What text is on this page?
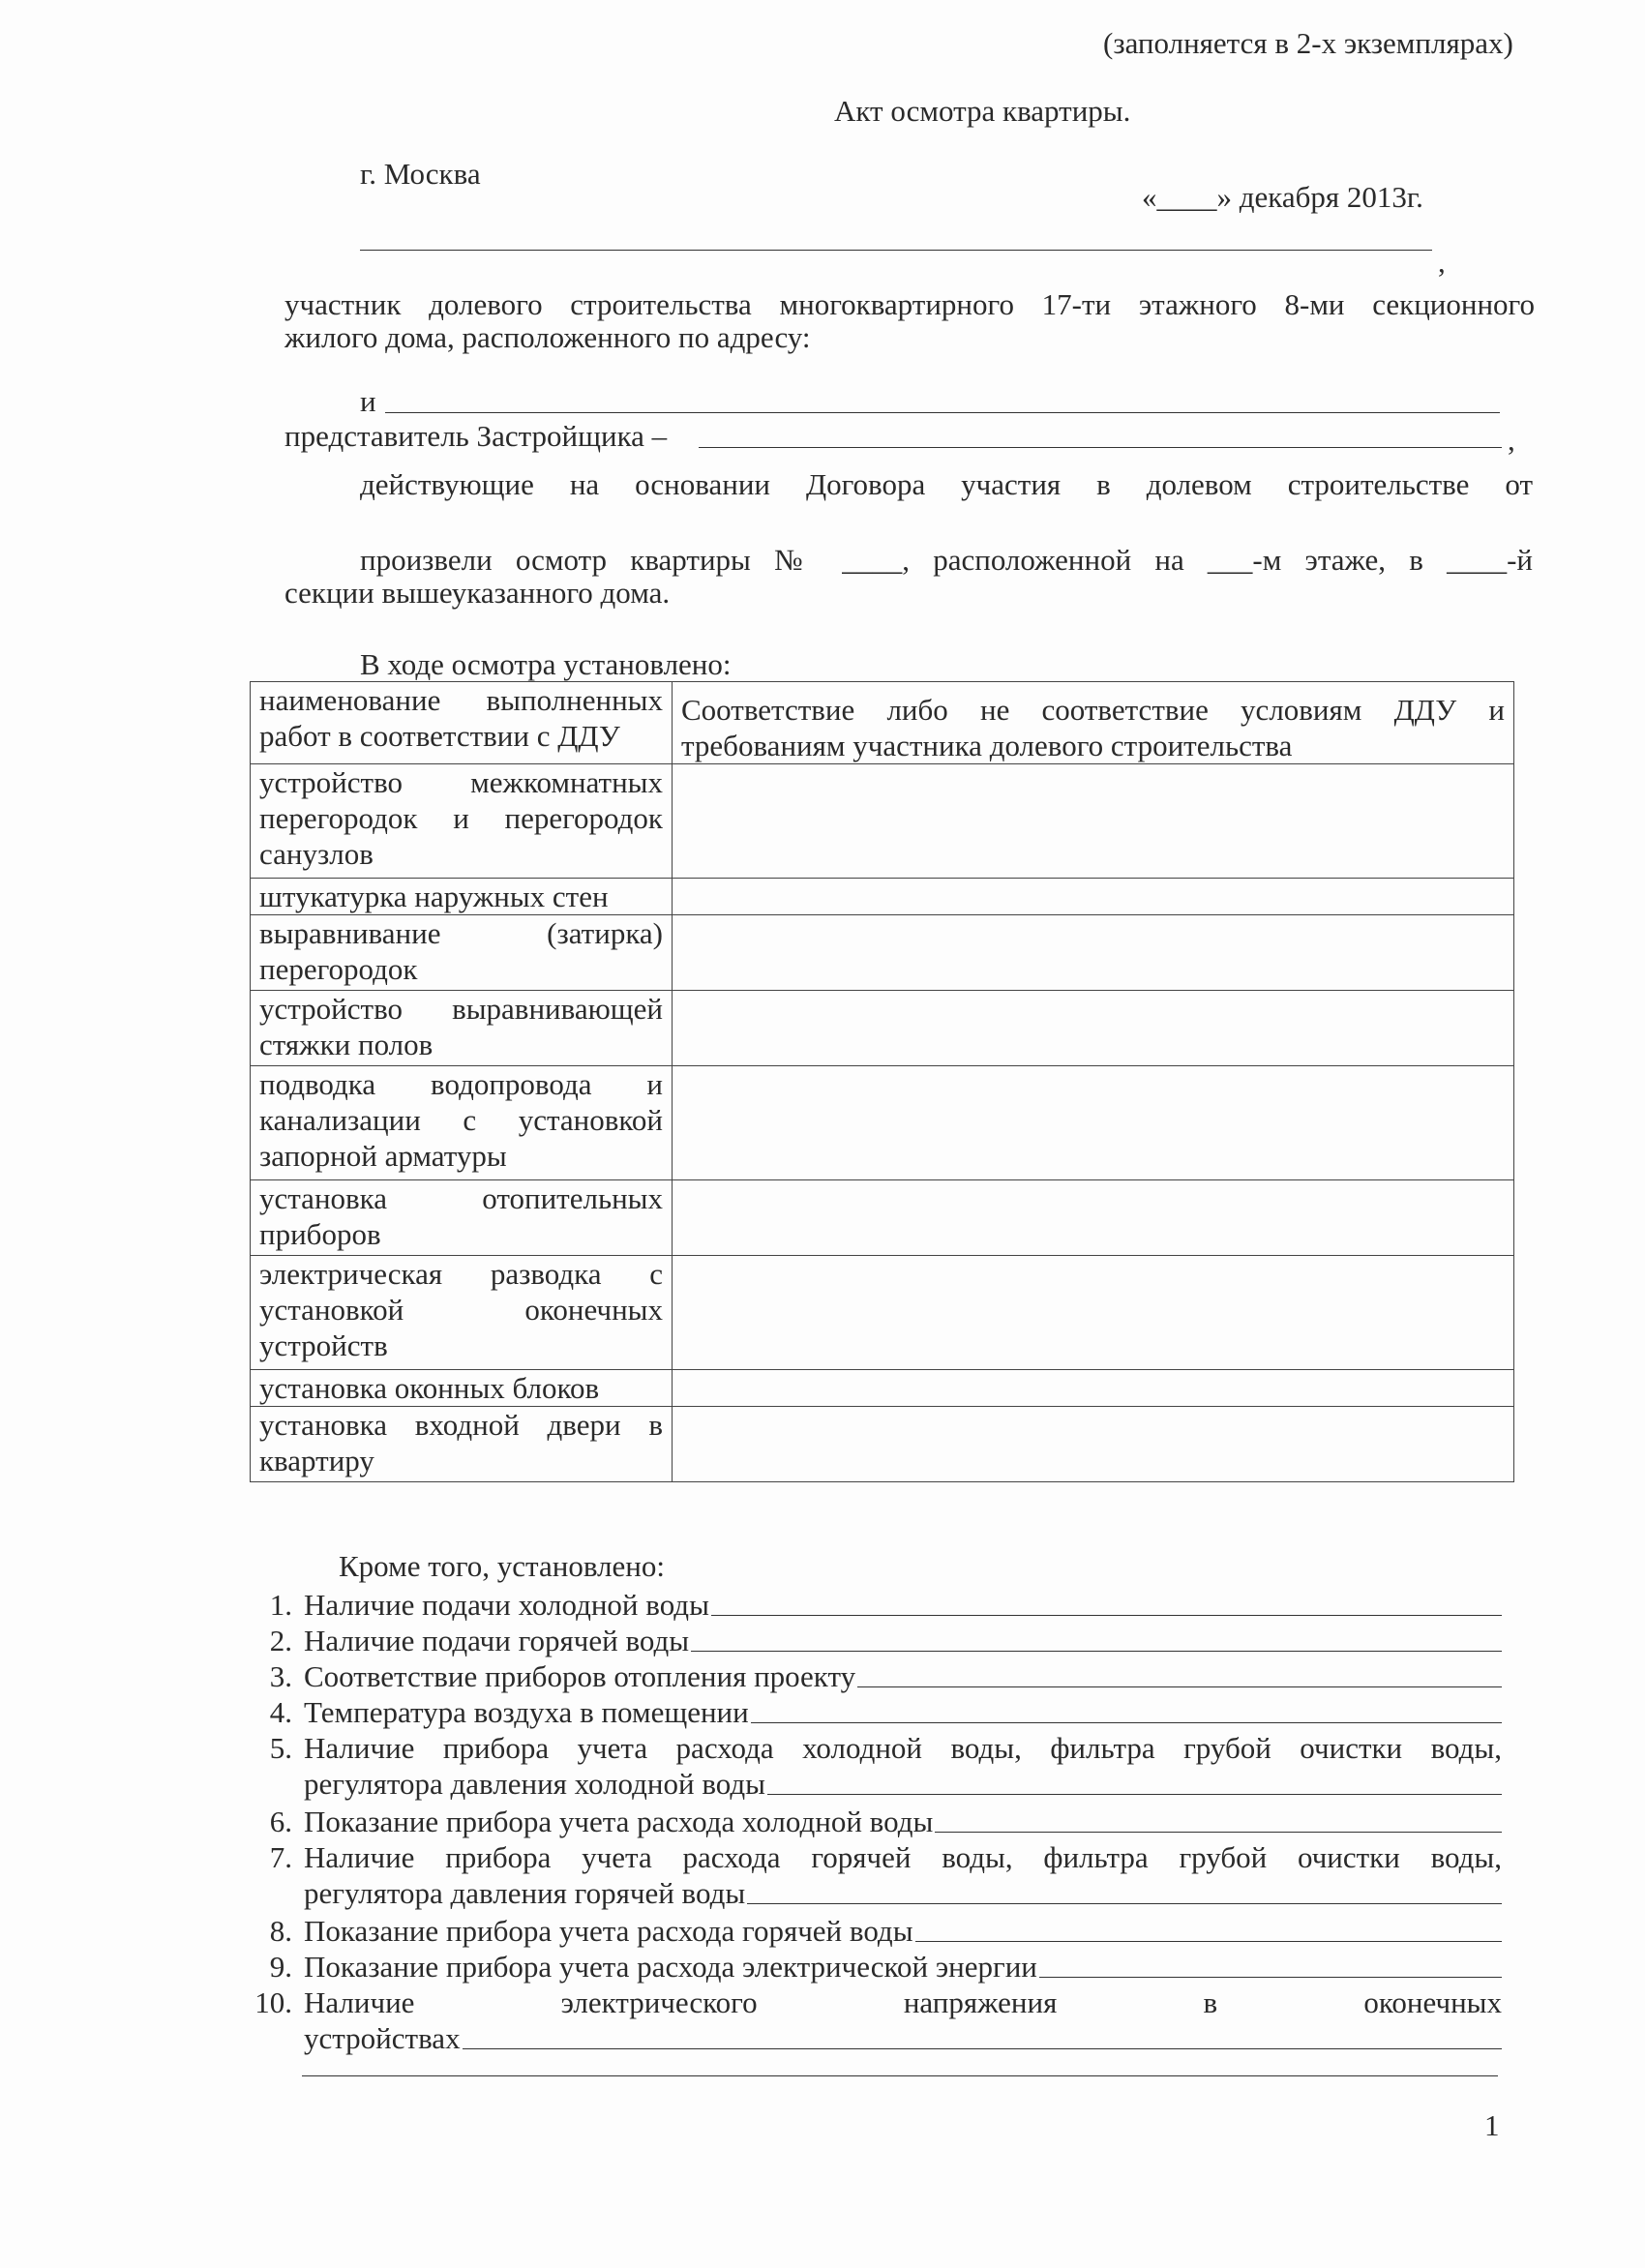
(заполняется в 2-х экземплярах)
Акт осмотра квартиры.
г. Москва
«____» декабря 2013г.
,
участник долевого строительства многоквартирного 17-ти этажного 8-ми секционного
жилого дома, расположенного по адресу:
и
представитель Застройщика –	,
действующие на основании Договора участия в долевом строительстве от
произвели осмотр квартиры № ____, расположенной на ___-м этаже, в ____-й
секции вышеуказанного дома.
В ходе осмотра установлено:
наименование выполненных работ в соответствии с ДДУ	Соответствие либо не соответствие условиям ДДУ и требованиям участника долевого строительства
устройство межкомнатных перегородок и перегородок санузлов	
штукатурка наружных стен	
выравнивание (затирка) перегородок	
устройство выравнивающей стяжки полов	
подводка водопровода и канализации с установкой запорной арматуры	
установка отопительных приборов	
электрическая разводка с установкой оконечных устройств	
установка оконных блоков	
установка входной двери в квартиру	
Кроме того, установлено:
1. Наличие подачи холодной воды
2. Наличие подачи горячей воды
3. Соответствие приборов отопления проекту
4. Температура воздуха в помещении
5. Наличие прибора учета расхода холодной воды, фильтра грубой очистки воды,
регулятора давления холодной воды
6. Показание прибора учета расхода холодной воды
7. Наличие прибора учета расхода горячей воды, фильтра грубой очистки воды,
регулятора давления горячей воды
8. Показание прибора учета расхода горячей воды
9. Показание прибора учета расхода электрической энергии
10. Наличие электрического напряжения в оконечных
устройствах
1
